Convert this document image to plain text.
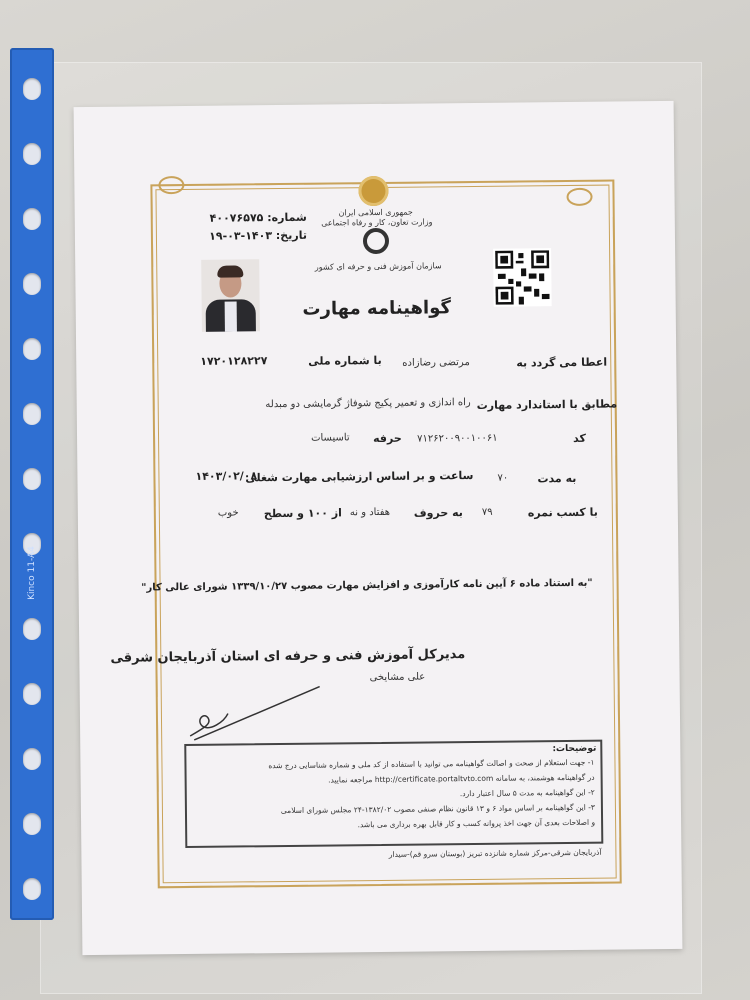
Kinco 11-A4
جمهوری اسلامی ایران
وزارت تعاون، کار و رفاه اجتماعی
سازمان آموزش فنی و حرفه ای کشور
شماره: ۴۰۰۷۶۵۷۵
تاریخ: ۱۴۰۳-۰۳-۱۹
گواهینامه مهارت
اعطا می گردد به
مرتضی رضازاده
با شماره ملی
۱۷۲۰۱۲۸۲۲۷
مطابق با استاندارد مهارت
راه اندازی و تعمیر پکیج شوفاژ گرمایشی دو مبدله
کد
۷۱۲۶۲۰۰۹۰۰۱۰۰۶۱
حرفه
تاسیسات
به مدت
۷۰
ساعت و بر اساس ارزشیابی مهارت شغلی
۱۴۰۳/۰۲/۰۸
با کسب نمره
۷۹
به حروف
هفتاد و نه
از ۱۰۰ و سطح
خوب
"به استناد ماده ۶ آیین نامه کارآموزی و افزایش مهارت مصوب ۱۳۳۹/۱۰/۲۷ شورای عالی کار"
مدیرکل آموزش فنی و حرفه ای استان آذربایجان شرقی
علی مشایخی
توضیحات:
۱- جهت استعلام از صحت و اصالت گواهینامه می توانید با استفاده از کد ملی و شماره شناسایی درج شده
در گواهینامه هوشمند، به سامانه http://certificate.portaltvto.com مراجعه نمایید.
۲- این گواهینامه به مدت ۵ سال اعتبار دارد.
۳- این گواهینامه بر اساس مواد ۶ و ۱۳ قانون نظام صنفی مصوب ۱۳۸۲/۰۲-۲۴ مجلس شورای اسلامی
و اصلاحات بعدی آن جهت اخذ پروانه کسب و کار قابل بهره برداری می باشد.
آذربایجان شرقی-مرکز شماره شانزده تبریز (بوستان سرو قم)-سیدار
